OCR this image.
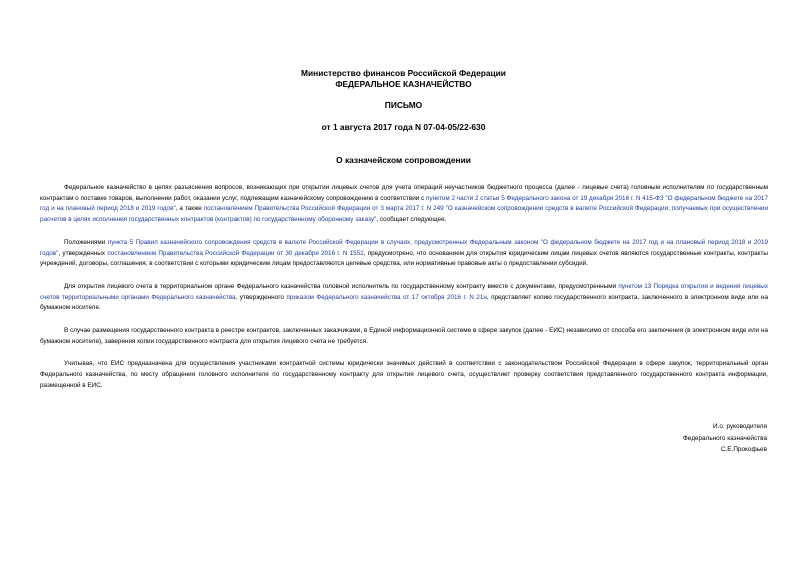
Министерство финансов Российской Федерации
ФЕДЕРАЛЬНОЕ КАЗНАЧЕЙСТВО
ПИСЬМО
от 1 августа 2017 года N 07-04-05/22-630
О казначейском сопровождении

Федеральное казначейство в целях разъяснения вопросов, возникающих при открытии лицевых счетов для учета операций неучастников бюджетного процесса (далее - лицевые счета) головным исполнителям по государственным контрактам о поставке товаров, выполнении работ, оказании услуг, подлежащим казначейскому сопровождению в соответствии с пунктом 2 части 2 статьи 5 Федерального закона от 19 декабря 2016 г. N 415-ФЗ "О федеральном бюджете на 2017 год и на плановый период 2018 и 2019 годов", а также постановлением Правительства Российской Федерации от 3 марта 2017 г. N 249 "О казначейском сопровождении средств в валюте Российской Федерации, получаемых при осуществлении расчетов в целях исполнения государственных контрактов (контрактов) по государственному оборонному заказу", сообщает следующее.

Положениями пункта 5 Правил казначейского сопровождения средств в валюте Российской Федерации в случаях, предусмотренных Федеральным законом "О федеральном бюджете на 2017 год и на плановый период 2018 и 2019 годов", утвержденных постановлением Правительства Российской Федерации от 30 декабря 2016 г. N 1552, предусмотрено, что основанием для открытия юридическим лицам лицевых счетов являются государственные контракты, контракты учреждений, договоры, соглашения, в соответствии с которыми юридическим лицам предоставляются целевые средства, или нормативные правовые акты о предоставлении субсидий.

Для открытия лицевого счета в территориальном органе Федерального казначейства головной исполнитель по государственному контракту вместе с документами, предусмотренными пунктом 13 Порядка открытия и ведения лицевых счетов территориальными органами Федерального казначейства, утвержденного приказом Федерального казначейства от 17 октября 2016 г. N 21н, представляет копию государственного контракта, заключенного в электронном виде или на бумажном носителе.

В случае размещения государственного контракта в реестре контрактов, заключенных заказчиками, в Единой информационной системе в сфере закупок (далее - ЕИС) независимо от способа его заключения (в электронном виде или на бумажном носителе), заверения копии государственного контракта для открытия лицевого счета не требуется.

Учитывая, что ЕИС предназначена для осуществления участниками контрактной системы юридически значимых действий в соответствии с законодательством Российской Федерации в сфере закупок, территориальный орган Федерального казначейства, по месту обращения головного исполнителя по государственному контракту для открытия лицевого счета, осуществляет проверку соответствия представленного государственного контракта информации, размещенной в ЕИС.

И.о. руководителя
Федерального казначейства
С.Е.Прокофьев
